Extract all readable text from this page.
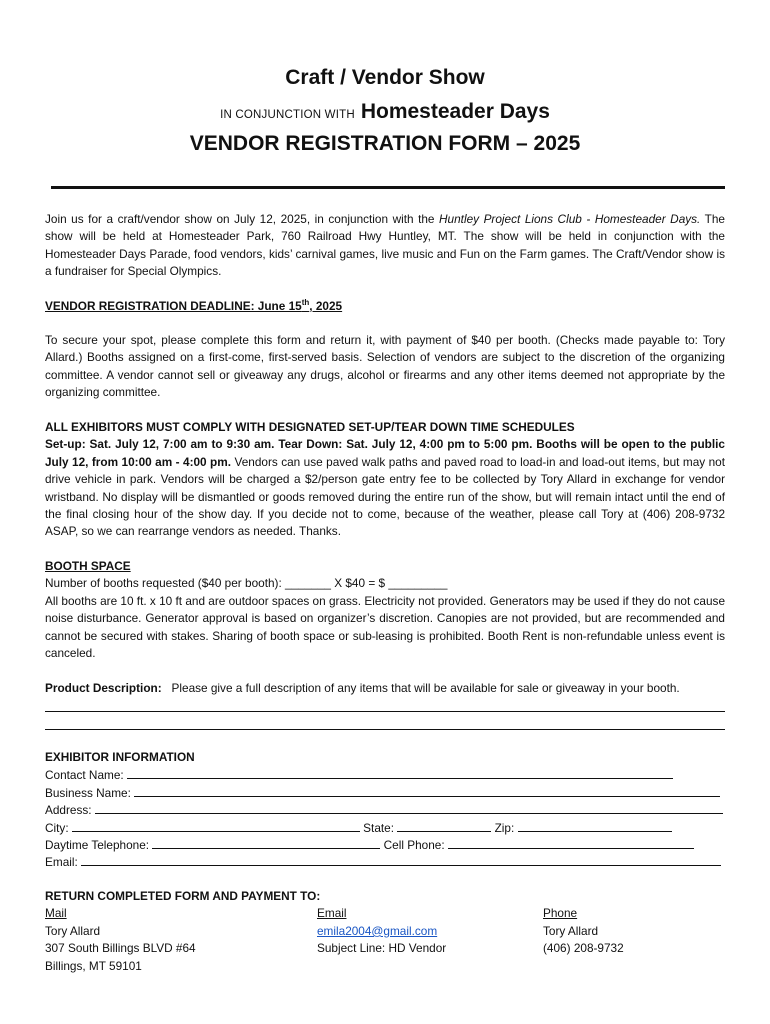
Craft / Vendor Show
IN CONJUNCTION WITH Homesteader Days
VENDOR REGISTRATION FORM – 2025
Join us for a craft/vendor show on July 12, 2025, in conjunction with the Huntley Project Lions Club - Homesteader Days. The show will be held at Homesteader Park, 760 Railroad Hwy Huntley, MT. The show will be held in conjunction with the Homesteader Days Parade, food vendors, kids’ carnival games, live music and Fun on the Farm games. The Craft/Vendor show is a fundraiser for Special Olympics.
VENDOR REGISTRATION DEADLINE: June 15th, 2025
To secure your spot, please complete this form and return it, with payment of $40 per booth. (Checks made payable to: Tory Allard.) Booths assigned on a first-come, first-served basis. Selection of vendors are subject to the discretion of the organizing committee. A vendor cannot sell or giveaway any drugs, alcohol or firearms and any other items deemed not appropriate by the organizing committee.
ALL EXHIBITORS MUST COMPLY WITH DESIGNATED SET-UP/TEAR DOWN TIME SCHEDULES
Set-up: Sat. July 12, 7:00 am to 9:30 am. Tear Down: Sat. July 12, 4:00 pm to 5:00 pm. Booths will be open to the public July 12, from 10:00 am - 4:00 pm. Vendors can use paved walk paths and paved road to load-in and load-out items, but may not drive vehicle in park. Vendors will be charged a $2/person gate entry fee to be collected by Tory Allard in exchange for vendor wristband. No display will be dismantled or goods removed during the entire run of the show, but will remain intact until the end of the final closing hour of the show day. If you decide not to come, because of the weather, please call Tory at (406) 208-9732 ASAP, so we can rearrange vendors as needed. Thanks.
BOOTH SPACE
Number of booths requested ($40 per booth): _______ X $40 = $ _________
All booths are 10 ft. x 10 ft and are outdoor spaces on grass. Electricity not provided. Generators may be used if they do not cause noise disturbance. Generator approval is based on organizer’s discretion. Canopies are not provided, but are recommended and cannot be secured with stakes. Sharing of booth space or sub-leasing is prohibited. Booth Rent is non-refundable unless event is canceled.
Product Description: Please give a full description of any items that will be available for sale or giveaway in your booth.
EXHIBITOR INFORMATION
Contact Name:
Business Name:
Address:
City:	State:	Zip:
Daytime Telephone:	Cell Phone:
Email:
RETURN COMPLETED FORM AND PAYMENT TO:
Mail
Tory Allard
307 South Billings BLVD #64
Billings, MT 59101
Email
emila2004@gmail.com
Subject Line: HD Vendor
Phone
Tory Allard
(406) 208-9732
